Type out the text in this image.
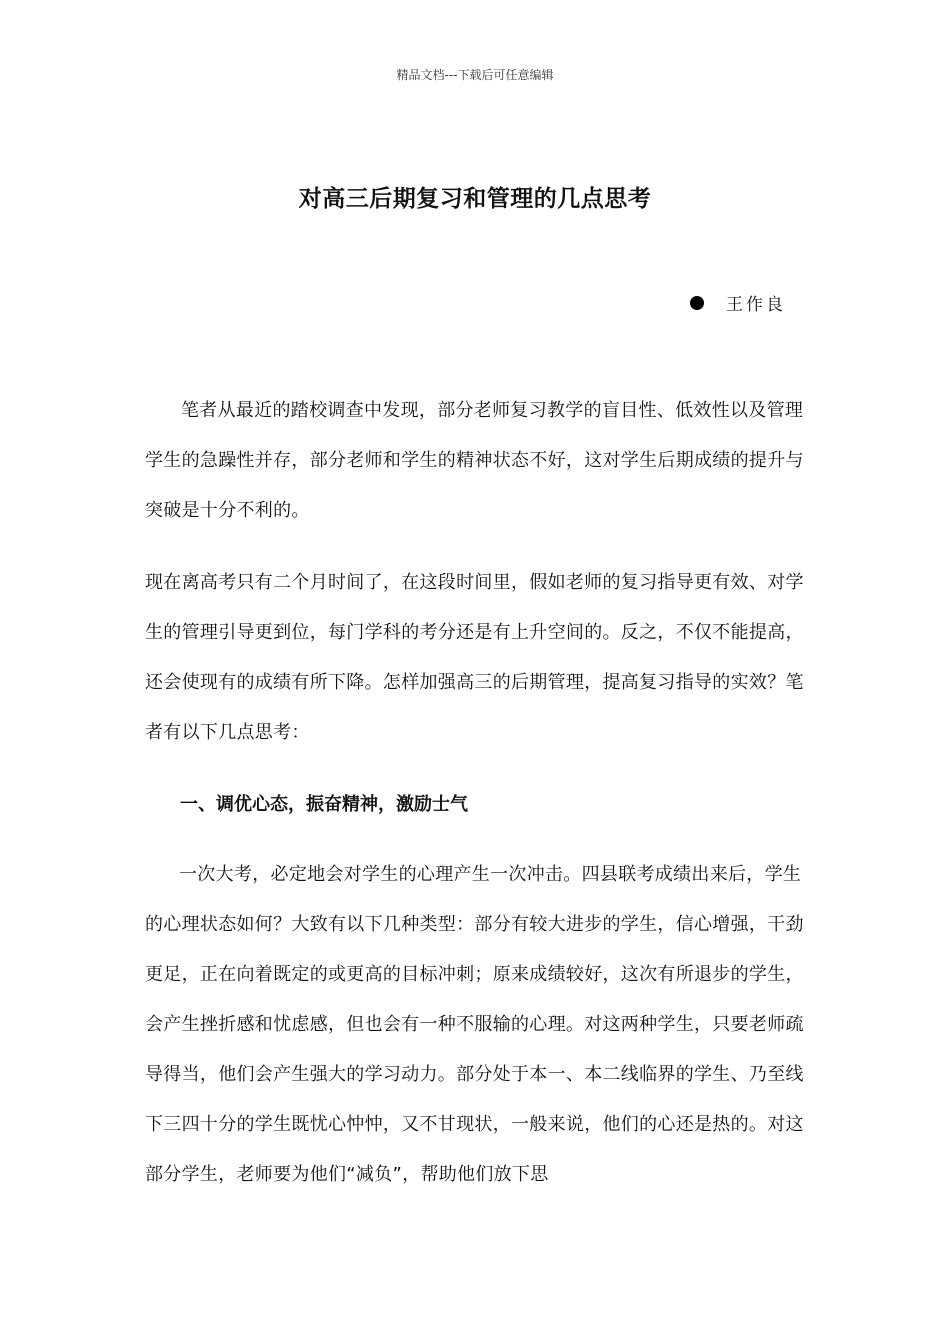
精品文档---下载后可任意编辑
对高三后期复习和管理的几点思考
王作良
笔者从最近的踏校调查中发现，部分老师复习教学的盲目性、低效性以及管理学生的急躁性并存，部分老师和学生的精神状态不好，这对学生后期成绩的提升与突破是十分不利的。
现在离高考只有二个月时间了，在这段时间里，假如老师的复习指导更有效、对学生的管理引导更到位，每门学科的考分还是有上升空间的。反之，不仅不能提高，还会使现有的成绩有所下降。怎样加强高三的后期管理，提高复习指导的实效？笔者有以下几点思考：
一、调优心态，振奋精神，激励士气
一次大考，必定地会对学生的心理产生一次冲击。四县联考成绩出来后，学生的心理状态如何？大致有以下几种类型：部分有较大进步的学生，信心增强，干劲更足，正在向着既定的或更高的目标冲刺；原来成绩较好，这次有所退步的学生，会产生挫折感和忧虑感，但也会有一种不服输的心理。对这两种学生，只要老师疏导得当，他们会产生强大的学习动力。部分处于本一、本二线临界的学生、乃至线下三四十分的学生既忧心忡忡，又不甘现状，一般来说，他们的心还是热的。对这部分学生，老师要为他们“减负”，帮助他们放下思
